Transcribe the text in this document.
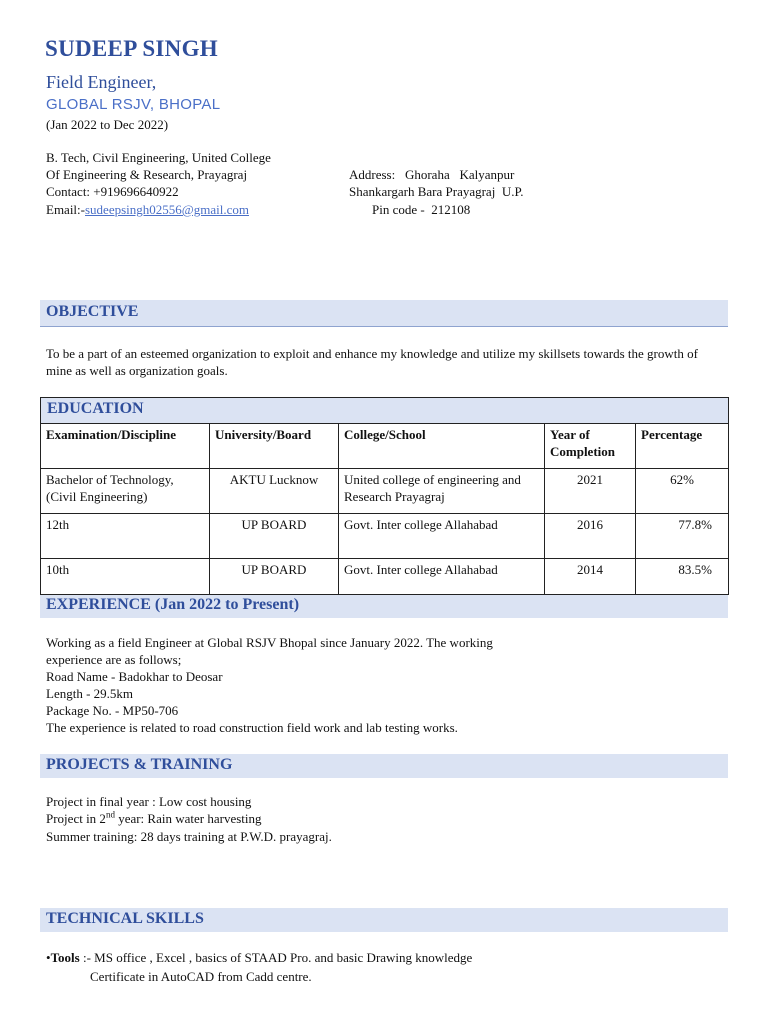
SUDEEP SINGH
Field Engineer,
GLOBAL RSJV, BHOPAL
(Jan 2022 to Dec 2022)
B. Tech, Civil Engineering, United College
Of Engineering & Research, Prayagraj
Contact: +919696640922
Email:-sudeepsingh02556@gmail.com
Address:   Ghoraha   Kalyanpur
Shankargarh Bara Prayagraj  U.P.
Pin code -  212108
OBJECTIVE
To be a part of an esteemed organization to exploit and enhance my knowledge and utilize my skillsets towards the growth of mine as well as organization goals.
EDUCATION
Examination/Discipline	University/Board	College/School	Year of Completion	Percentage
Bachelor of Technology, (Civil Engineering)	AKTU Lucknow	United college of engineering and Research Prayagraj	2021	62%
12th	UP BOARD	Govt. Inter college Allahabad	2016	77.8%
10th	UP BOARD	Govt. Inter college Allahabad	2014	83.5%
EXPERIENCE (Jan 2022 to Present)
Working as a field Engineer at Global RSJV Bhopal since January 2022. The working
experience are as follows;
Road Name - Badokhar to Deosar
Length - 29.5km
Package No. - MP50-706
The experience is related to road construction field work and lab testing works.
PROJECTS & TRAINING
Project in final year : Low cost housing
Project in 2nd year: Rain water harvesting
Summer training: 28 days training at P.W.D. prayagraj.
TECHNICAL SKILLS
•Tools :- MS office , Excel , basics of STAAD Pro. and basic Drawing knowledge
Certificate in AutoCAD from Cadd centre.
